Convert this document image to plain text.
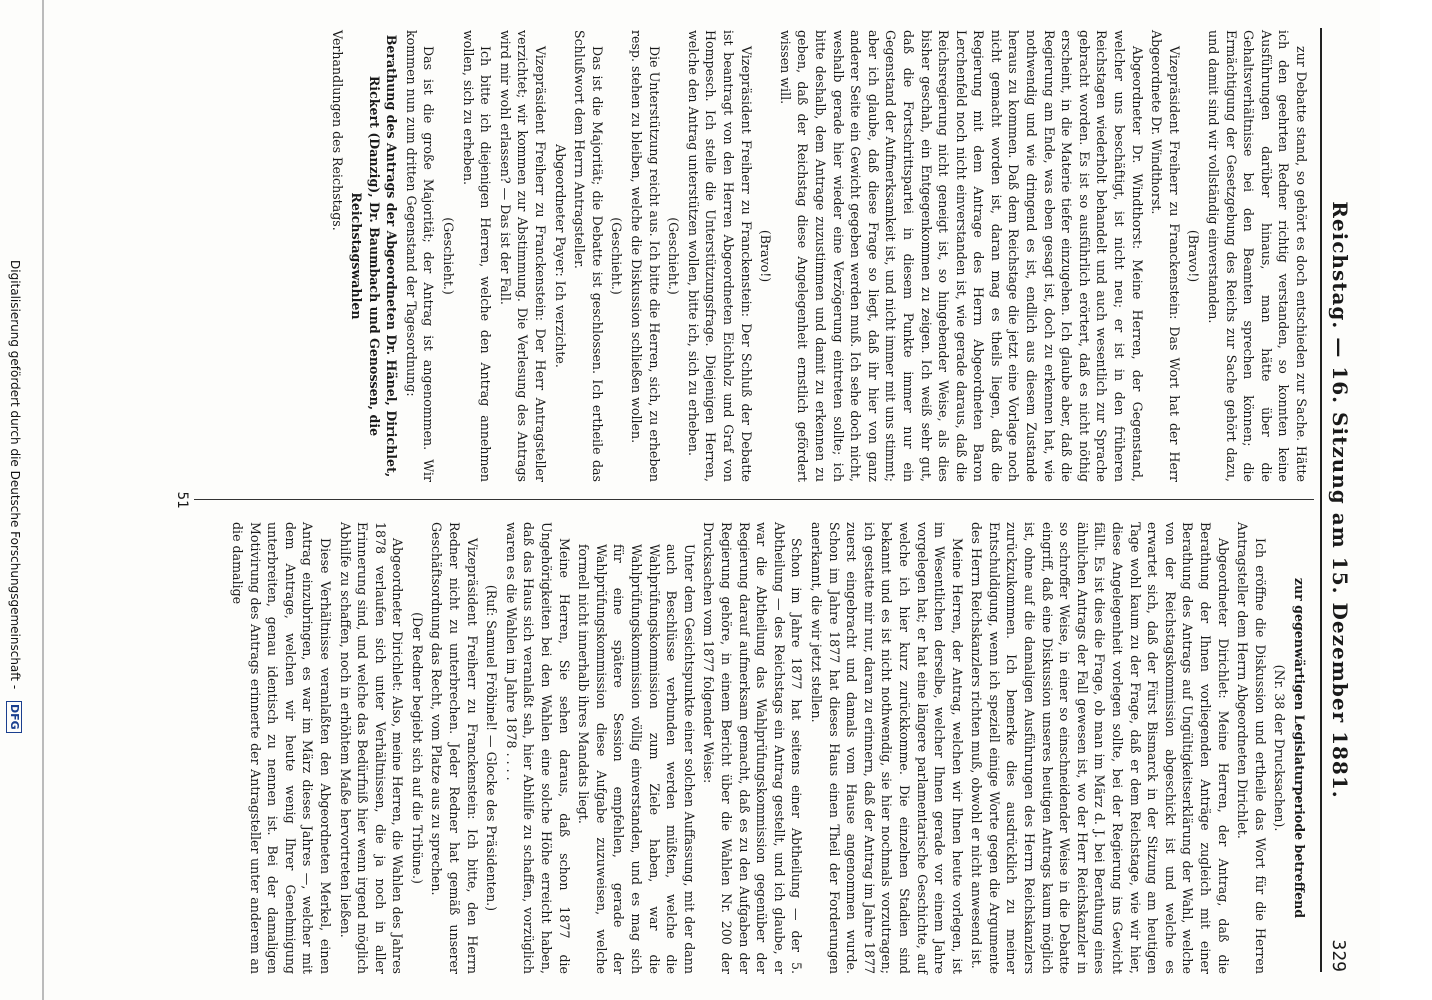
Reichstag. — 16. Sitzung am 15. Dezember 1881.
329

zur Debatte stand, so gehört es doch entschieden zur Sache. Hätte ich den geehrten Redner richtig verstanden, so konnten keine Ausführungen darüber hinaus, man hätte über die Gehaltsverhältnisse bei den Beamten sprechen können; die Ermächtigung der Gesetzgebung des Reichs zur Sache gehört dazu, und damit sind wir vollständig einverstanden.

(Bravo!)

Vizepräsident Freiherr zu Franckenstein: Das Wort hat der Herr Abgeordnete Dr. Windthorst.

Abgeordneter Dr. Windthorst: Meine Herren, der Gegenstand, welcher uns beschäftigt, ist nicht neu; er ist in den früheren Reichstagen wiederholt behandelt und auch wesentlich zur Sprache gebracht worden. Es ist so ausführlich erörtert, daß es nicht nöthig erscheint, in die Materie tiefer einzugehen. Ich glaube aber, daß die Regierung am Ende, was eben gesagt ist, doch zu erkennen hat, wie nothwendig und wie dringend es ist, endlich aus diesem Zustande heraus zu kommen. Daß dem Reichstage die jetzt eine Vorlage noch nicht gemacht worden ist, daran mag es theils liegen, daß die Regierung mit dem Antrage des Herrn Abgeordneten Baron Lerchenfeld noch nicht einverstanden ist, wie gerade daraus, daß die Reichsregierung nicht geneigt ist, so hingebender Weise, als dies bisher geschah, ein Entgegenkommen zu zeigen. Ich weiß sehr gut, daß die Fortschrittspartei in diesem Punkte immer nur ein Gegenstand der Aufmerksamkeit ist, und nicht immer mit uns stimmt; aber ich glaube, daß diese Frage so liegt, daß ihr hier von ganz anderer Seite ein Gewicht gegeben werden muß. Ich sehe doch nicht, weshalb gerade hier wieder eine Verzögerung eintreten sollte; ich bitte deshalb, dem Antrage zuzustimmen und damit zu erkennen zu geben, daß der Reichstag diese Angelegenheit ernstlich gefördert wissen will.

(Bravo!)

Vizepräsident Freiherr zu Franckenstein: Der Schluß der Debatte ist beantragt von den Herren Abgeordneten Eichholz und Graf von Hompesch. Ich stelle die Unterstützungsfrage. Diejenigen Herren, welche den Antrag unterstützen wollen, bitte ich, sich zu erheben.

(Geschieht.)

Die Unterstützung reicht aus. Ich bitte die Herren, sich, zu erheben resp. stehen zu bleiben, welche die Diskussion schließen wollen.

(Geschieht.)

Das ist die Majorität; die Debatte ist geschlossen. Ich ertheile das Schlußwort dem Herrn Antragsteller.

Abgeordneter Payer: Ich verzichte.

Vizepräsident Freiherr zu Franckenstein: Der Herr Antragsteller verzichtet; wir kommen zur Abstimmung. Die Verlesung des Antrags wird mir wohl erlassen? — Das ist der Fall.

Ich bitte ich diejenigen Herren, welche den Antrag annehmen wollen, sich zu erheben.

(Geschieht.)

Das ist die große Majorität; der Antrag ist angenommen. Wir kommen nun zum dritten Gegenstand der Tagesordnung:

Berathung des Antrags der Abgeordneten Dr. Hänel, Dirichlet, Rickert (Danzig), Dr. Baumbach und Genossen, die Reichstagswahlen

Verhandlungen des Reichstags.

zur gegenwärtigen Legislaturperiode betreffend

(Nr. 38 der Drucksachen).

Ich eröffne die Diskussion und ertheile das Wort für die Herren Antragsteller dem Herrn Abgeordneten Dirichlet.

Abgeordneter Dirichlet: Meine Herren, der Antrag, daß die Berathung der Ihnen vorliegenden Anträge zugleich mit einer Berathung des Antrags auf Ungültigkeitserklärung der Wahl, welche von der Reichstagskommission abgeschickt ist und welche es erwartet sich, daß der Fürst Bismarck in der Sitzung am heutigen Tage wohl kaum zu der Frage, daß er dem Reichstage, wie wir hier, diese Angelegenheit vorlegen sollte, bei der Regierung ins Gewicht fällt. Es ist dies die Frage, ob man im März d. J. bei Berathung eines ähnlichen Antrags der Fall gewesen ist, wo der Herr Reichskanzler in so schroffer Weise, in einer so einschneidender Weise in die Debatte eingriff, daß eine Diskussion unseres heutigen Antrags kaum möglich ist, ohne auf die damaligen Ausführungen des Herrn Reichskanzlers zurückzukommen. Ich bemerke dies ausdrücklich zu meiner Entschuldigung, wenn ich speziell einige Worte gegen die Argumente des Herrn Reichskanzlers richten muß, obwohl er nicht anwesend ist.

Meine Herren, der Antrag, welchen wir Ihnen heute vorlegen, ist im Wesentlichen derselbe, welcher Ihnen gerade vor einem Jahre vorgelegen hat; er hat eine längere parlamentarische Geschichte, auf welche ich hier kurz zurückkomme. Die einzelnen Stadien sind bekannt und es ist nicht nothwendig, sie hier nochmals vorzutragen; ich gestatte mir nur, daran zu erinnern, daß der Antrag im Jahre 1877 zuerst eingebracht und damals vom Hause angenommen wurde. Schon im Jahre 1877 hat dieses Haus einen Theil der Forderungen anerkannt, die wir jetzt stellen.

Schon im Jahre 1877 hat seitens einer Abtheilung — der 5. Abtheilung — des Reichstags ein Antrag gestellt, und ich glaube, er war die Abtheilung das Wahlprüfungskommission gegenüber der Regierung darauf aufmerksam gemacht, daß es zu den Aufgaben der Regierung gehöre, in einem Bericht über die Wahlen Nr. 200 der Drucksachen vom 1877 folgender Weise:

Unter dem Gesichtspunkte einer solchen Auffassung, mit der dann auch Beschlüsse verbunden werden müßten, welche die Wahlprüfungskommission zum Ziele haben, war die Wahlprüfungskommission völlig einverstanden, und es mag sich für eine spätere Session empfehlen, gerade der Wahlprüfungskommission diese Aufgabe zuzuweisen, welche formell nicht innerhalb ihres Mandats liegt.

Meine Herren, Sie sehen daraus, daß schon 1877 die Ungehörigkeiten bei den Wahlen eine solche Höhe erreicht haben, daß das Haus sich veranlaßt sah, hier Abhilfe zu schaffen, vorzüglich waren es die Wahlen im Jahre 1878 . . . .

(Ruf: Samuel Fröbinel! — Glocke des Präsidenten.)

Vizepräsident Freiherr zu Franckenstein: Ich bitte, den Herrn Redner nicht zu unterbrechen. Jeder Redner hat gemäß unserer Geschäftsordnung das Recht, vom Platze aus zu sprechen.

(Der Redner begiebt sich auf die Tribüne.)

Abgeordneter Dirichlet: Also, meine Herren, die Wahlen des Jahres 1878 verlaufen sich unter Verhältnissen, die ja noch in aller Erinnerung sind, und welche das Bedürfniß hier wenn irgend möglich Abhilfe zu schaffen, noch in erhöhtem Maße hervortreten ließen.

Diese Verhältnisse veranlaßten den Abgeordneten Merkel, einen Antrag einzubringen, es war im März dieses Jahres —, welcher mit dem Antrage, welchen wir heute wenig Ihrer Genehmigung unterbreiten, genau identisch zu nennen ist. Bei der damaligen Motivirung des Antrags erinnerte der Antragsteller unter anderem an die damalige

51
Digitalisierung gefördert durch die Deutsche Forschungsgemeinschaft - DFG
